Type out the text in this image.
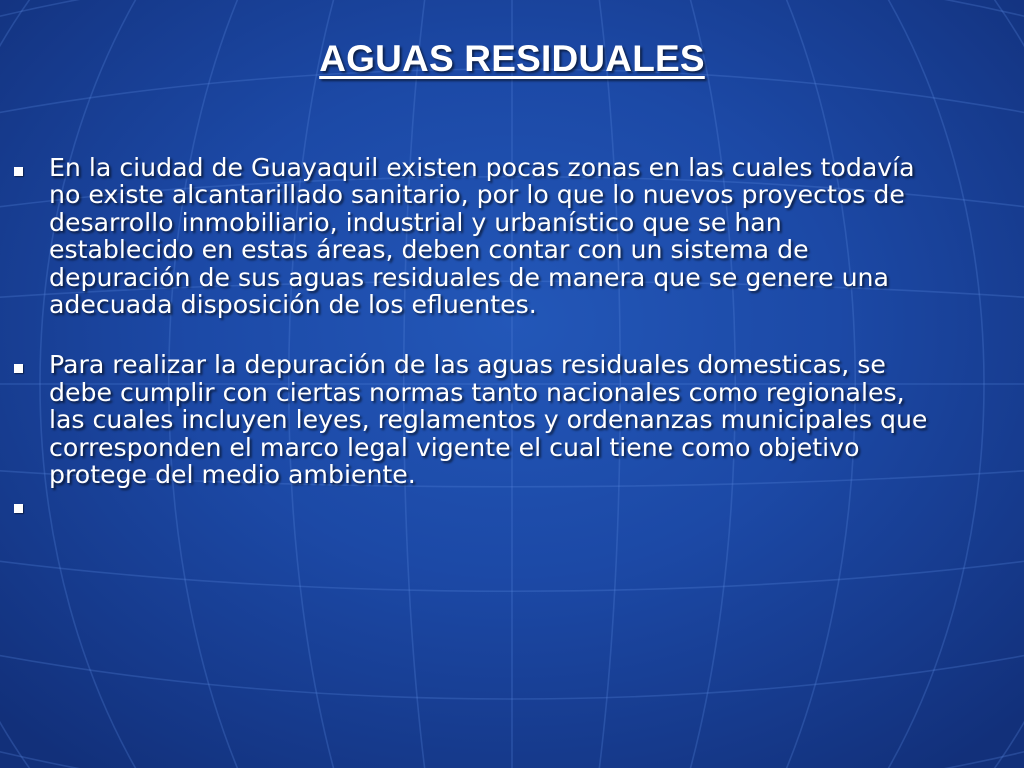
AGUAS RESIDUALES
En la ciudad de Guayaquil existen pocas zonas en las cuales todavía no existe alcantarillado sanitario, por lo que lo nuevos proyectos de desarrollo inmobiliario, industrial y urbanístico que se han establecido en estas áreas, deben contar con un sistema de depuración de sus aguas residuales de manera que se genere una adecuada disposición de los efluentes.
Para realizar la depuración de las aguas residuales domesticas, se debe cumplir con ciertas normas tanto nacionales como regionales, las cuales incluyen leyes, reglamentos y ordenanzas municipales que corresponden el marco legal vigente el cual tiene como objetivo protege del medio ambiente.
